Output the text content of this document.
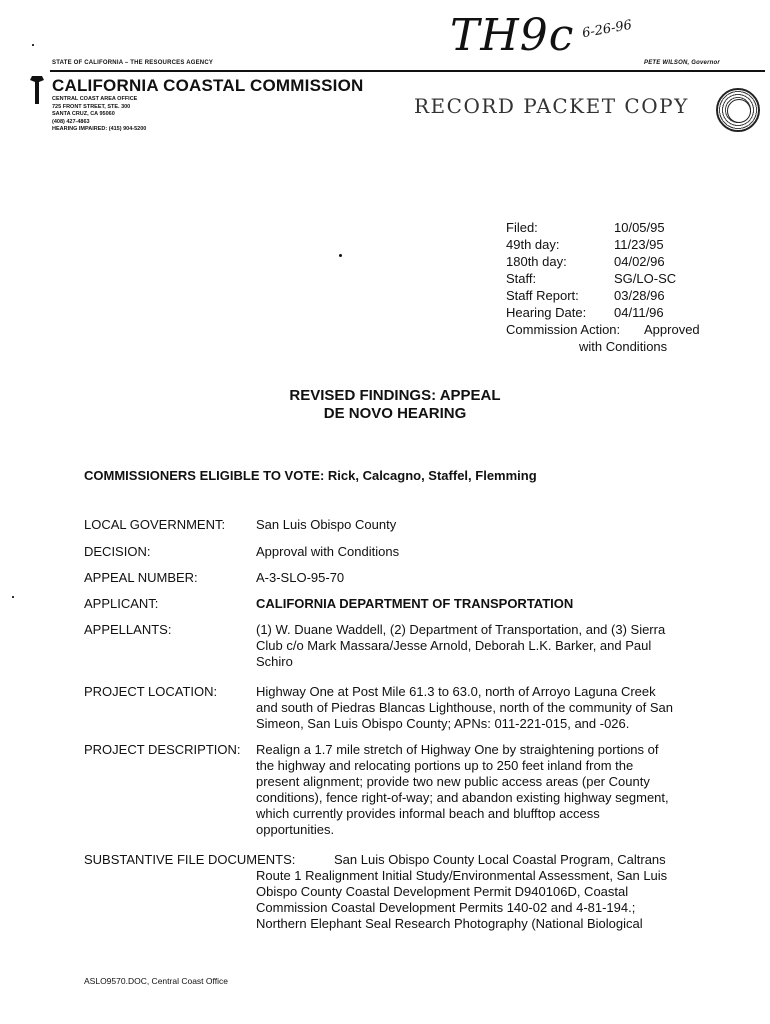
TH9c 6-26-96
STATE OF CALIFORNIA – THE RESOURCES AGENCY	PETE WILSON, Governor
CALIFORNIA COASTAL COMMISSION
CENTRAL COAST AREA OFFICE
725 FRONT STREET, STE. 300
SANTA CRUZ, CA 95060
(408) 427-4863
HEARING IMPAIRED: (415) 904-5200
RECORD PACKET COPY
Filed:	10/05/95
49th day:	11/23/95
180th day:	04/02/96
Staff:	SG/LO-SC
Staff Report:	03/28/96
Hearing Date: 04/11/96
Commission Action: Approved
with Conditions
REVISED FINDINGS: APPEAL
DE NOVO HEARING
COMMISSIONERS ELIGIBLE TO VOTE: Rick, Calcagno, Staffel, Flemming
LOCAL GOVERNMENT: San Luis Obispo County
DECISION:	Approval with Conditions
APPEAL NUMBER:	A-3-SLO-95-70
APPLICANT:	CALIFORNIA DEPARTMENT OF TRANSPORTATION
APPELLANTS:	(1) W. Duane Waddell, (2) Department of Transportation, and (3) Sierra
Club c/o Mark Massara/Jesse Arnold, Deborah L.K. Barker, and Paul
Schiro
PROJECT LOCATION:	Highway One at Post Mile 61.3 to 63.0, north of Arroyo Laguna Creek
and south of Piedras Blancas Lighthouse, north of the community of San
Simeon, San Luis Obispo County; APNs: 011-221-015, and -026.
PROJECT DESCRIPTION: Realign a 1.7 mile stretch of Highway One by straightening portions of
the highway and relocating portions up to 250 feet inland from the
present alignment; provide two new public access areas (per County
conditions), fence right-of-way; and abandon existing highway segment,
which currently provides informal beach and blufftop access
opportunities.
SUBSTANTIVE FILE DOCUMENTS:	San Luis Obispo County Local Coastal Program, Caltrans
Route 1 Realignment Initial Study/Environmental Assessment, San Luis
Obispo County Coastal Development Permit D940106D, Coastal
Commission Coastal Development Permits 140-02 and 4-81-194.;
Northern Elephant Seal Research Photography (National Biological
ASLO9570.DOC, Central Coast Office
